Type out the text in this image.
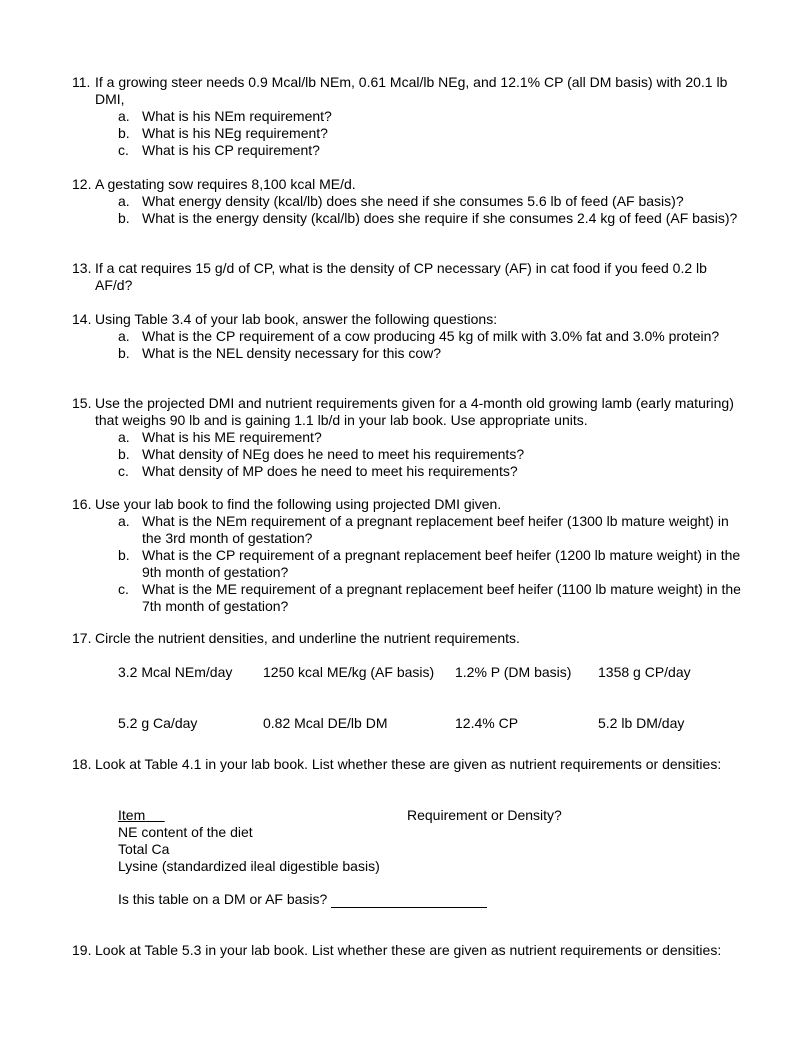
11. If a growing steer needs 0.9 Mcal/lb NEm, 0.61 Mcal/lb NEg, and 12.1% CP (all DM basis) with 20.1 lb DMI,
a. What is his NEm requirement?
b. What is his NEg requirement?
c. What is his CP requirement?
12. A gestating sow requires 8,100 kcal ME/d.
a. What energy density (kcal/lb) does she need if she consumes 5.6 lb of feed (AF basis)?
b. What is the energy density (kcal/lb) does she require if she consumes 2.4 kg of feed (AF basis)?
13. If a cat requires 15 g/d of CP, what is the density of CP necessary (AF) in cat food if you feed 0.2 lb AF/d?
14. Using Table 3.4 of your lab book, answer the following questions:
a. What is the CP requirement of a cow producing 45 kg of milk with 3.0% fat and 3.0% protein?
b. What is the NEL density necessary for this cow?
15. Use the projected DMI and nutrient requirements given for a 4-month old growing lamb (early maturing) that weighs 90 lb and is gaining 1.1 lb/d in your lab book. Use appropriate units.
a. What is his ME requirement?
b. What density of NEg does he need to meet his requirements?
c. What density of MP does he need to meet his requirements?
16. Use your lab book to find the following using projected DMI given.
a. What is the NEm requirement of a pregnant replacement beef heifer (1300 lb mature weight) in the 3rd month of gestation?
b. What is the CP requirement of a pregnant replacement beef heifer (1200 lb mature weight) in the 9th month of gestation?
c. What is the ME requirement of a pregnant replacement beef heifer (1100 lb mature weight) in the 7th month of gestation?
17. Circle the nutrient densities, and underline the nutrient requirements.
3.2 Mcal NEm/day 1250 kcal ME/kg (AF basis) 1.2% P (DM basis) 1358 g CP/day
5.2 g Ca/day	0.82 Mcal DE/lb DM	12.4% CP	5.2 lb DM/day
18. Look at Table 4.1 in your lab book. List whether these are given as nutrient requirements or densities:
Item	Requirement or Density?
NE content of the diet
Total Ca
Lysine (standardized ileal digestible basis)
Is this table on a DM or AF basis?
19. Look at Table 5.3 in your lab book. List whether these are given as nutrient requirements or densities:
